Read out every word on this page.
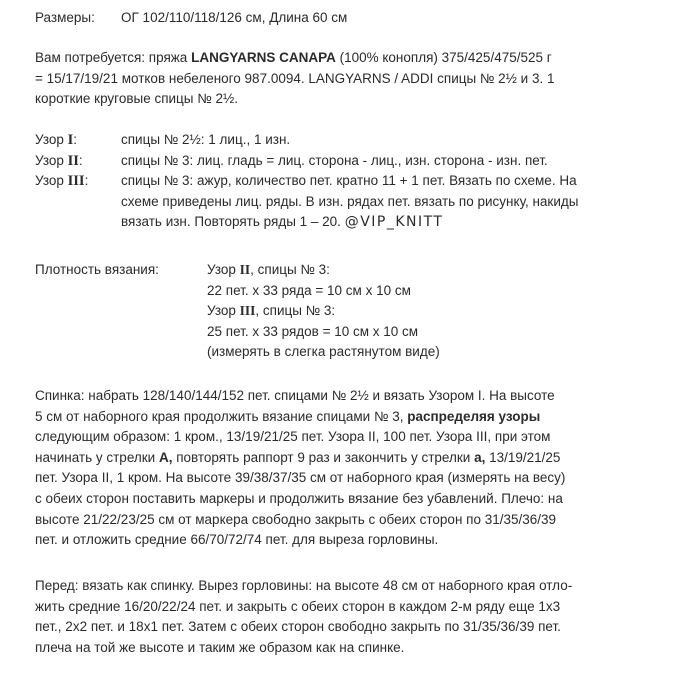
Размеры: ОГ 102/110/118/126 см, Длина 60 см
Вам потребуется: пряжа LANGYARNS CANAPA (100% конопля) 375/425/475/525 г
= 15/17/19/21 мотков небеленого 987.0094. LANGYARNS / ADDI спицы № 2½ и 3. 1
короткие круговые спицы № 2½.
Узор I:	спицы № 2½: 1 лиц., 1 изн.
Узор II:	спицы № 3: лиц. гладь = лиц. сторона - лиц., изн. сторона - изн. пет.
Узор III: спицы № 3: ажур, количество пет. кратно 11 + 1 пет. Вязать по схеме. На
схеме приведены лиц. ряды. В изн. рядах пет. вязать по рисунку, накиды
вязать изн. Повторять ряды 1 – 20. @VIP_KNITT
Плотность вязания:	Узор II, спицы № 3:
22 пет. х 33 ряда = 10 см х 10 см
Узор III, спицы № 3:
25 пет. х 33 рядов = 10 см х 10 см
(измерять в слегка растянутом виде)
Спинка: набрать 128/140/144/152 пет. спицами № 2½ и вязать Узором I. На высоте
5 см от наборного края продолжить вязание спицами № 3, распределяя узоры
следующим образом: 1 кром., 13/19/21/25 пет. Узора II, 100 пет. Узора III, при этом
начинать у стрелки А, повторять раппорт 9 раз и закончить у стрелки а, 13/19/21/25
пет. Узора II, 1 кром. На высоте 39/38/37/35 см от наборного края (измерять на весу)
с обеих сторон поставить маркеры и продолжить вязание без убавлений. Плечо: на
высоте 21/22/23/25 см от маркера свободно закрыть с обеих сторон по 31/35/36/39
пет. и отложить средние 66/70/72/74 пет. для выреза горловины.
Перед: вязать как спинку. Вырез горловины: на высоте 48 см от наборного края отло-
жить средние 16/20/22/24 пет. и закрыть с обеих сторон в каждом 2-м ряду еще 1х3
пет., 2х2 пет. и 18х1 пет. Затем с обеих сторон свободно закрыть по 31/35/36/39 пет.
плеча на той же высоте и таким же образом как на спинке.
